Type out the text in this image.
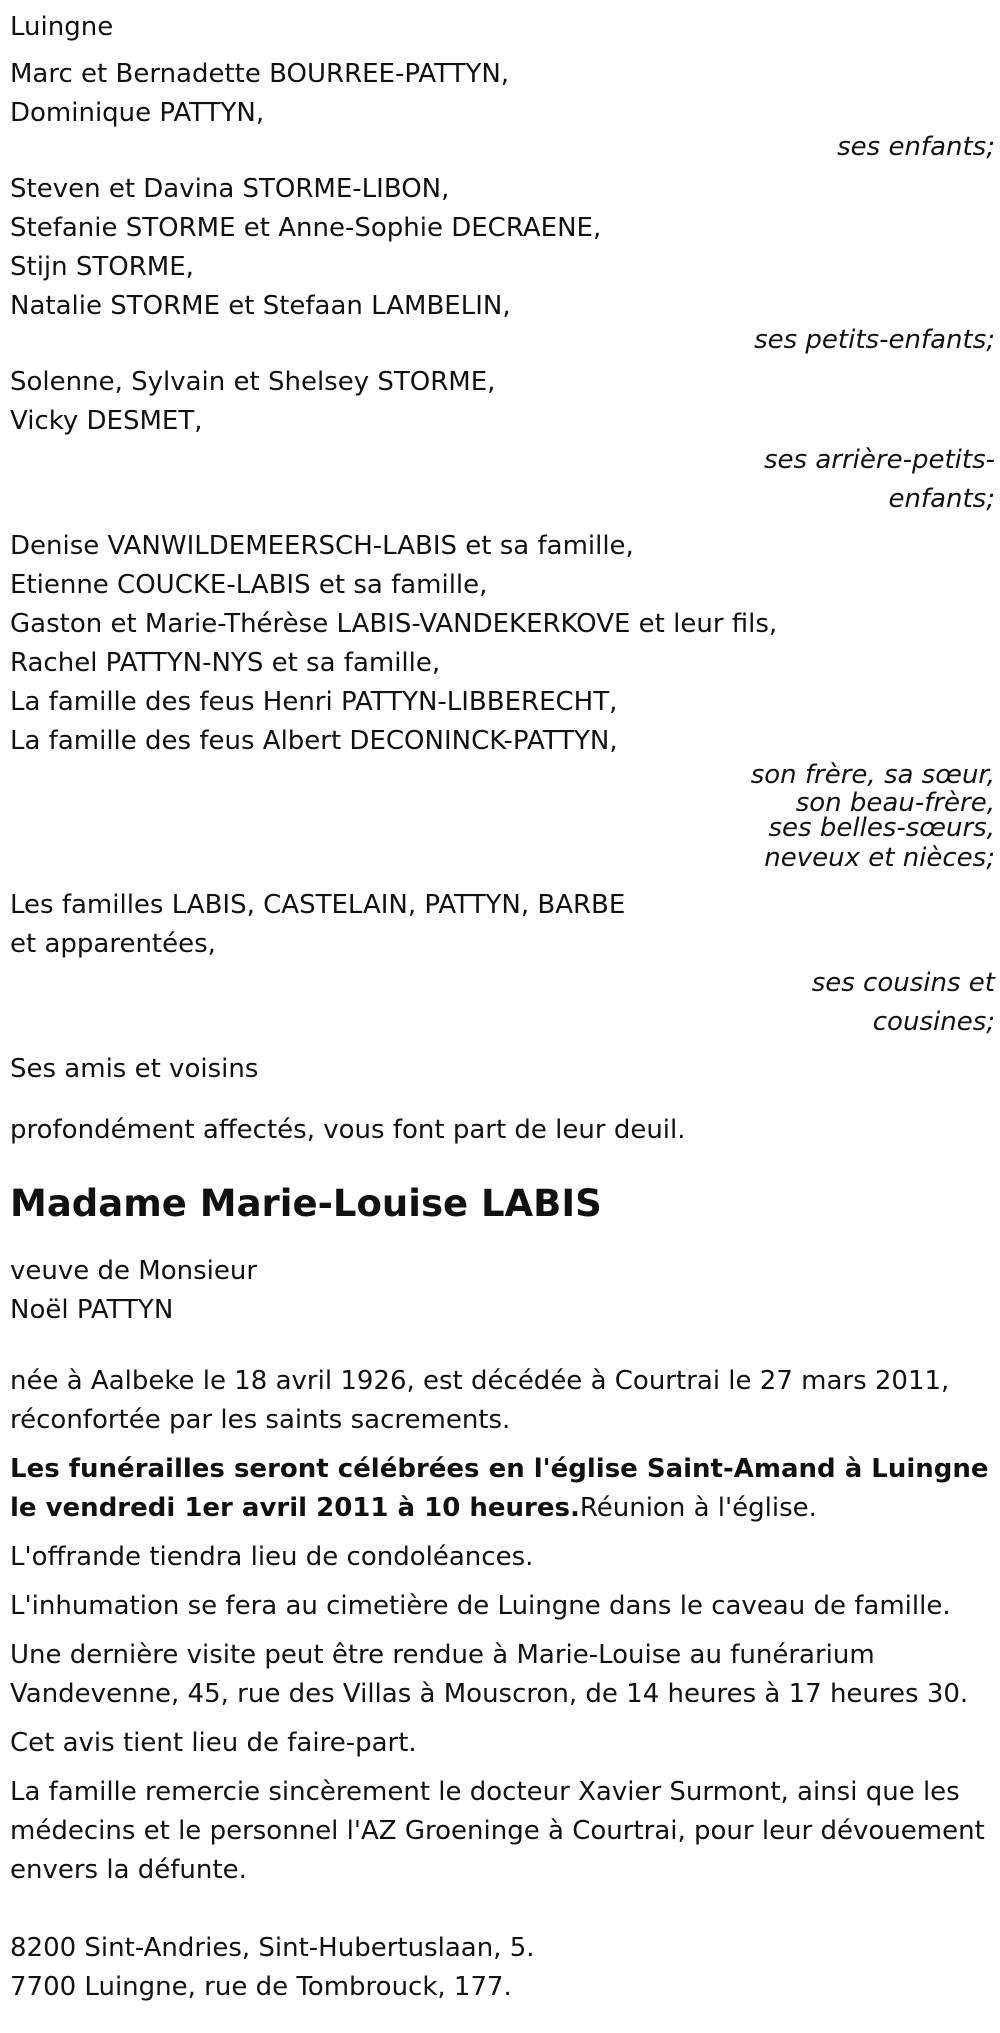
Luingne
Marc et Bernadette BOURREE-PATTYN,
Dominique PATTYN,
ses enfants;
Steven et Davina STORME-LIBON,
Stefanie STORME et Anne-Sophie DECRAENE,
Stijn STORME,
Natalie STORME et Stefaan LAMBELIN,
ses petits-enfants;
Solenne, Sylvain et Shelsey STORME,
Vicky DESMET,
ses arrière-petits-
enfants;
Denise VANWILDEMEERSCH-LABIS et sa famille,
Etienne COUCKE-LABIS et sa famille,
Gaston et Marie-Thérèse LABIS-VANDEKERKOVE et leur fils,
Rachel PATTYN-NYS et sa famille,
La famille des feus Henri PATTYN-LIBBERECHT,
La famille des feus Albert DECONINCK-PATTYN,
son frère, sa sœur,
son beau-frère,
ses belles-sœurs,
neveux et nièces;
Les familles LABIS, CASTELAIN, PATTYN, BARBE
et apparentées,
ses cousins et
cousines;
Ses amis et voisins
profondément affectés, vous font part de leur deuil.
Madame Marie-Louise LABIS
veuve de Monsieur
Noël PATTYN
née à Aalbeke le 18 avril 1926, est décédée à Courtrai le 27 mars 2011, réconfortée par les saints sacrements.
Les funérailles seront célébrées en l'église Saint-Amand à Luingne le vendredi 1er avril 2011 à 10 heures.Réunion à l'église.
L'offrande tiendra lieu de condoléances.
L'inhumation se fera au cimetière de Luingne dans le caveau de famille.
Une dernière visite peut être rendue à Marie-Louise au funérarium Vandevenne, 45, rue des Villas à Mouscron, de 14 heures à 17 heures 30.
Cet avis tient lieu de faire-part.
La famille remercie sincèrement le docteur Xavier Surmont, ainsi que les médecins et le personnel l'AZ Groeninge à Courtrai, pour leur dévouement envers la défunte.
8200 Sint-Andries, Sint-Hubertuslaan, 5.
7700 Luingne, rue de Tombrouck, 177.
